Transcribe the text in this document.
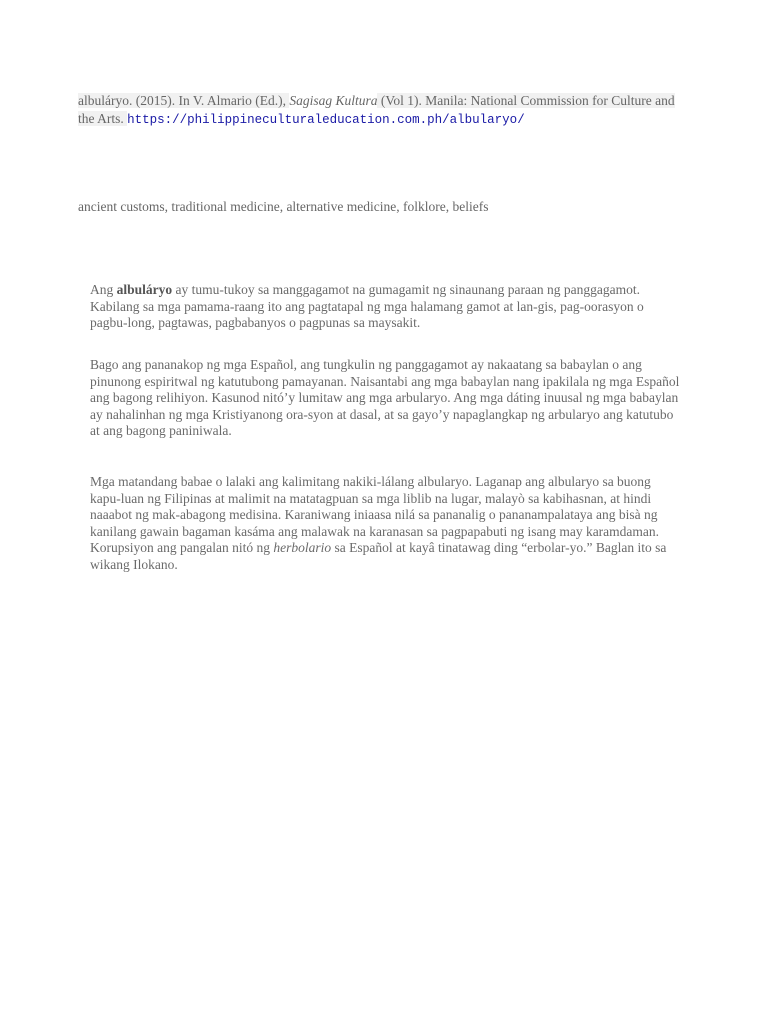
albuláryo. (2015). In V. Almario (Ed.), Sagisag Kultura (Vol 1). Manila: National Commission for Culture and the Arts. https://philippineculturaleducation.com.ph/albularyo/
ancient customs, traditional medicine, alternative medicine, folklore, beliefs

Ang albuláryo ay tumu-tukoy sa manggagamot na gumagamit ng sinaunang paraan ng panggagamot. Kabilang sa mga pamama-raang ito ang pagtatapal ng mga halamang gamot at lan-gis, pag-oorasyon o pagbu-long, pagtawas, pagbabanyos o pagpunas sa maysakit.

Bago ang pananakop ng mga Español, ang tungkulin ng panggagamot ay nakaatang sa babaylan o ang pinunong espiritwal ng katutubong pamayanan. Naisantabi ang mga babaylan nang ipakilala ng mga Español ang bagong relihiyon. Kasunod nitó’y lumitaw ang mga arbularyo. Ang mga dáting inuusal ng mga babaylan ay nahalinhan ng mga Kristiyanong ora-syon at dasal, at sa gayo’y napaglangkap ng arbularyo ang katutubo at ang bagong paniniwala.

Mga matandang babae o lalaki ang kalimitang nakiki-lálang albularyo. Laganap ang albularyo sa buong kapu-luan ng Filipinas at malimit na matatagpuan sa mga liblib na lugar, malayò sa kabihasnan, at hindi naaabot ng mak-abagong medisina. Karaniwang iniaasa nilá sa pananalig o pananampalataya ang bisà ng kanilang gawain bagaman kasáma ang malawak na karanasan sa pagpapabuti ng isang may karamdaman. Korupsiyon ang pangalan nitó ng herbolario sa Español at kayâ tinatawag ding “erbolar-yo.” Baglan ito sa wikang Ilokano.
